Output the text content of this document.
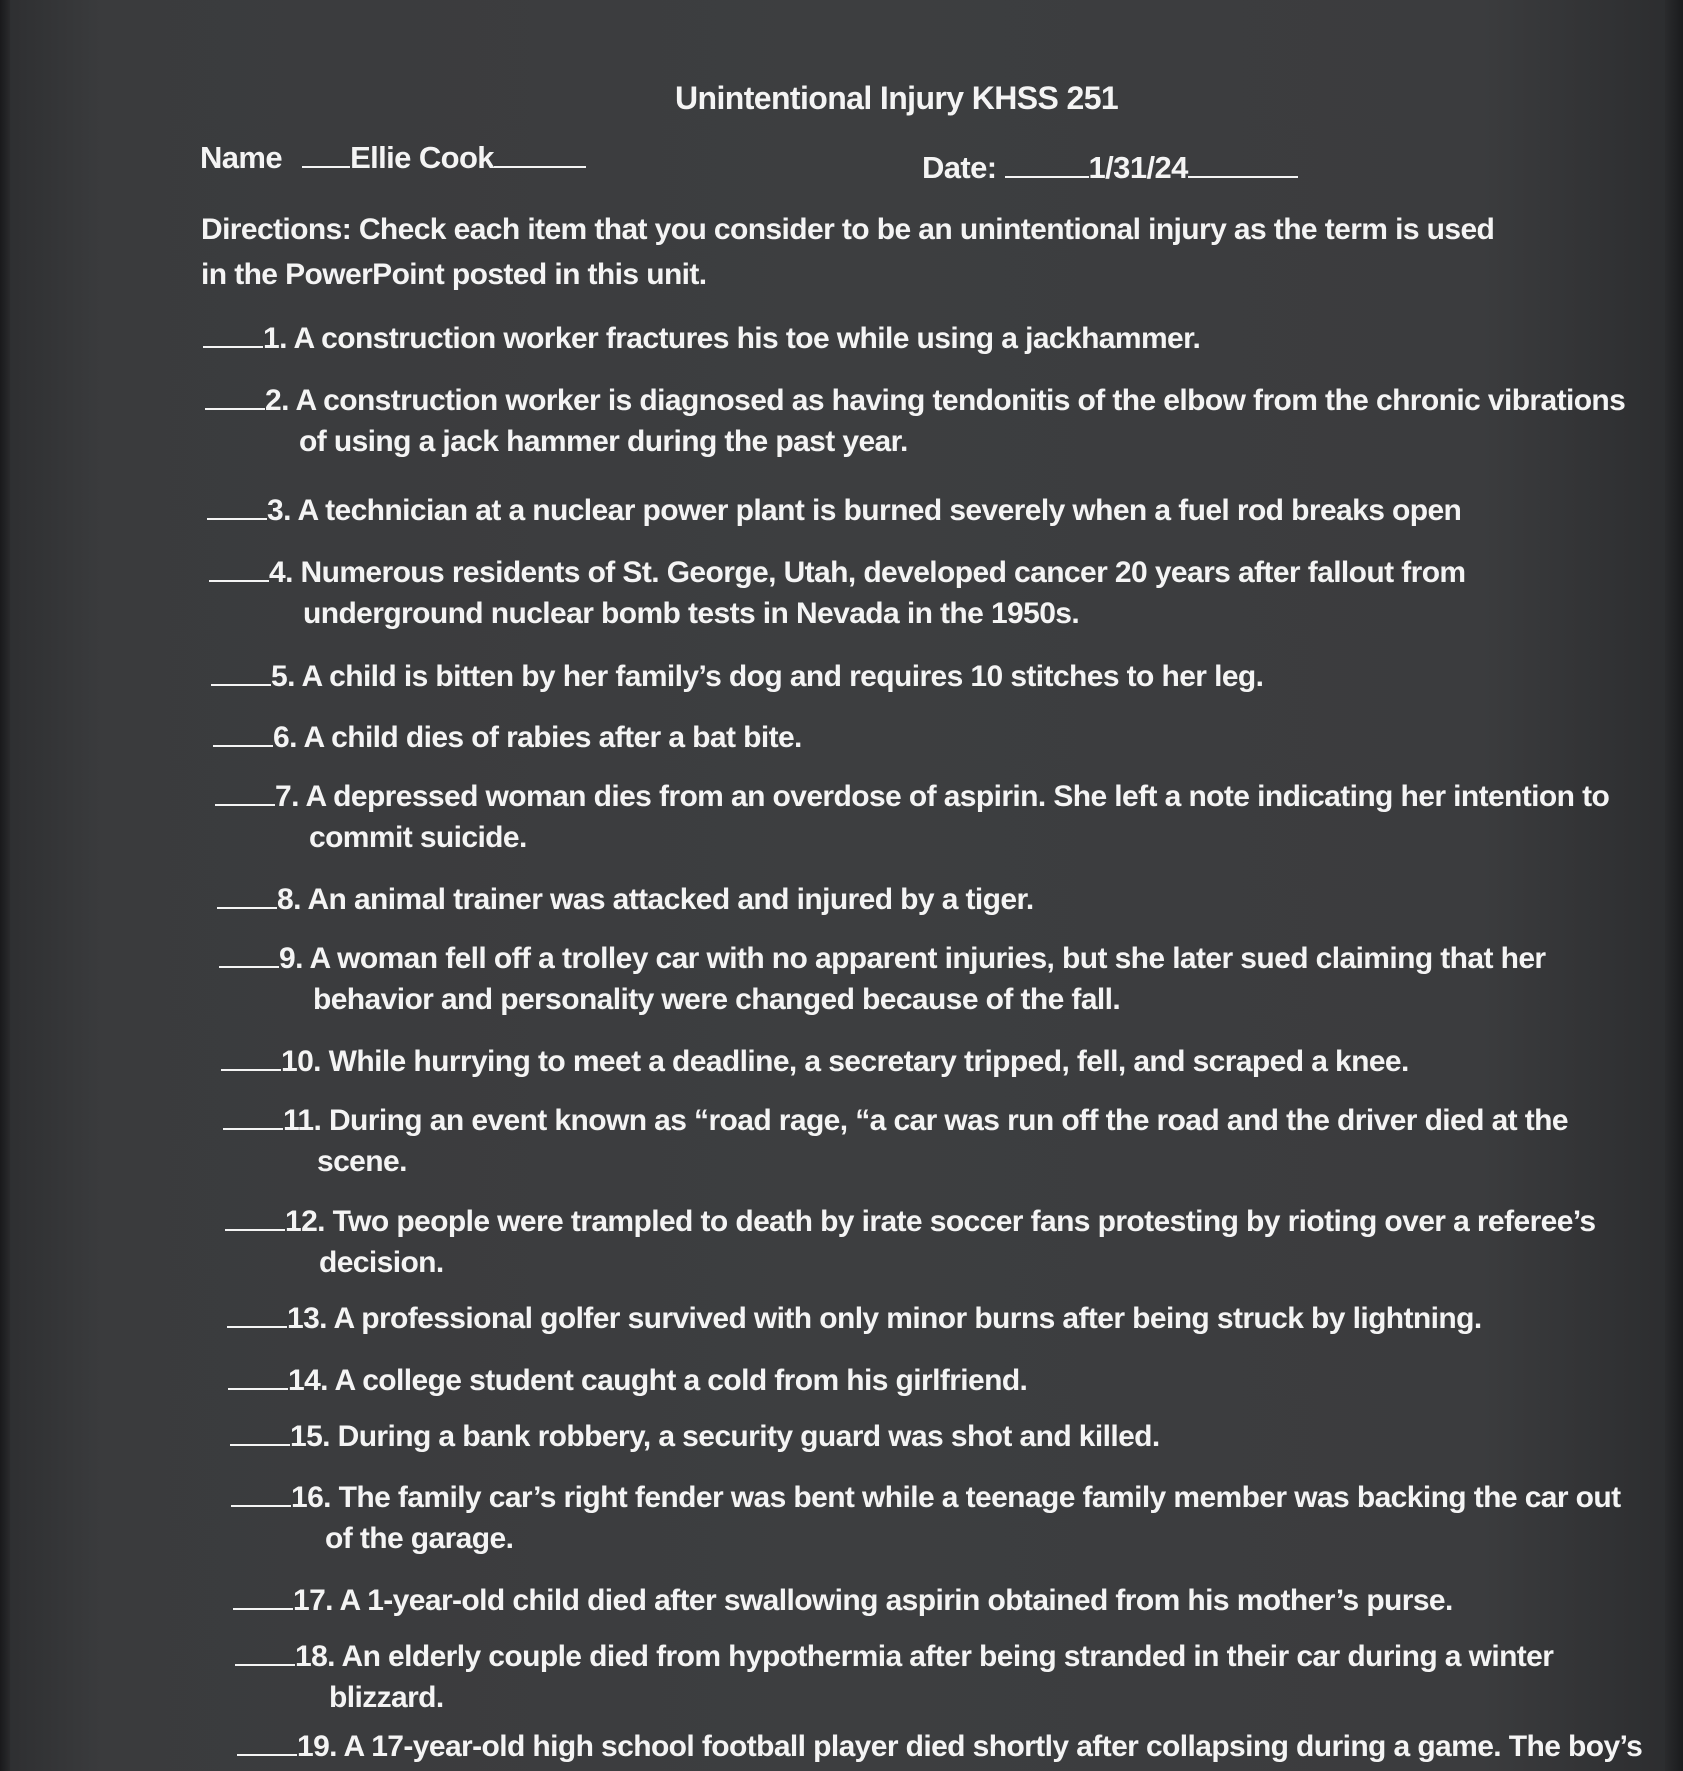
Unintentional Injury KHSS 251
Name Ellie Cook	Date:	1/31/24
Directions: Check each item that you consider to be an unintentional injury as the term is used in the PowerPoint posted in this unit.
1. A construction worker fractures his toe while using a jackhammer.
2. A construction worker is diagnosed as having tendonitis of the elbow from the chronic vibrations
of using a jack hammer during the past year.
3. A technician at a nuclear power plant is burned severely when a fuel rod breaks open
4. Numerous residents of St. George, Utah, developed cancer 20 years after fallout from
underground nuclear bomb tests in Nevada in the 1950s.
5. A child is bitten by her family’s dog and requires 10 stitches to her leg.
6. A child dies of rabies after a bat bite.
7. A depressed woman dies from an overdose of aspirin. She left a note indicating her intention to
commit suicide.
8. An animal trainer was attacked and injured by a tiger.
9. A woman fell off a trolley car with no apparent injuries, but she later sued claiming that her
behavior and personality were changed because of the fall.
10. While hurrying to meet a deadline, a secretary tripped, fell, and scraped a knee.
11. During an event known as “road rage, “a car was run off the road and the driver died at the
scene.
12. Two people were trampled to death by irate soccer fans protesting by rioting over a referee’s
decision.
13. A professional golfer survived with only minor burns after being struck by lightning.
14. A college student caught a cold from his girlfriend.
15. During a bank robbery, a security guard was shot and killed.
16. The family car’s right fender was bent while a teenage family member was backing the car out
of the garage.
17. A 1-year-old child died after swallowing aspirin obtained from his mother’s purse.
18. An elderly couple died from hypothermia after being stranded in their car during a winter
blizzard.
19. A 17-year-old high school football player died shortly after collapsing during a game. The boy’s
